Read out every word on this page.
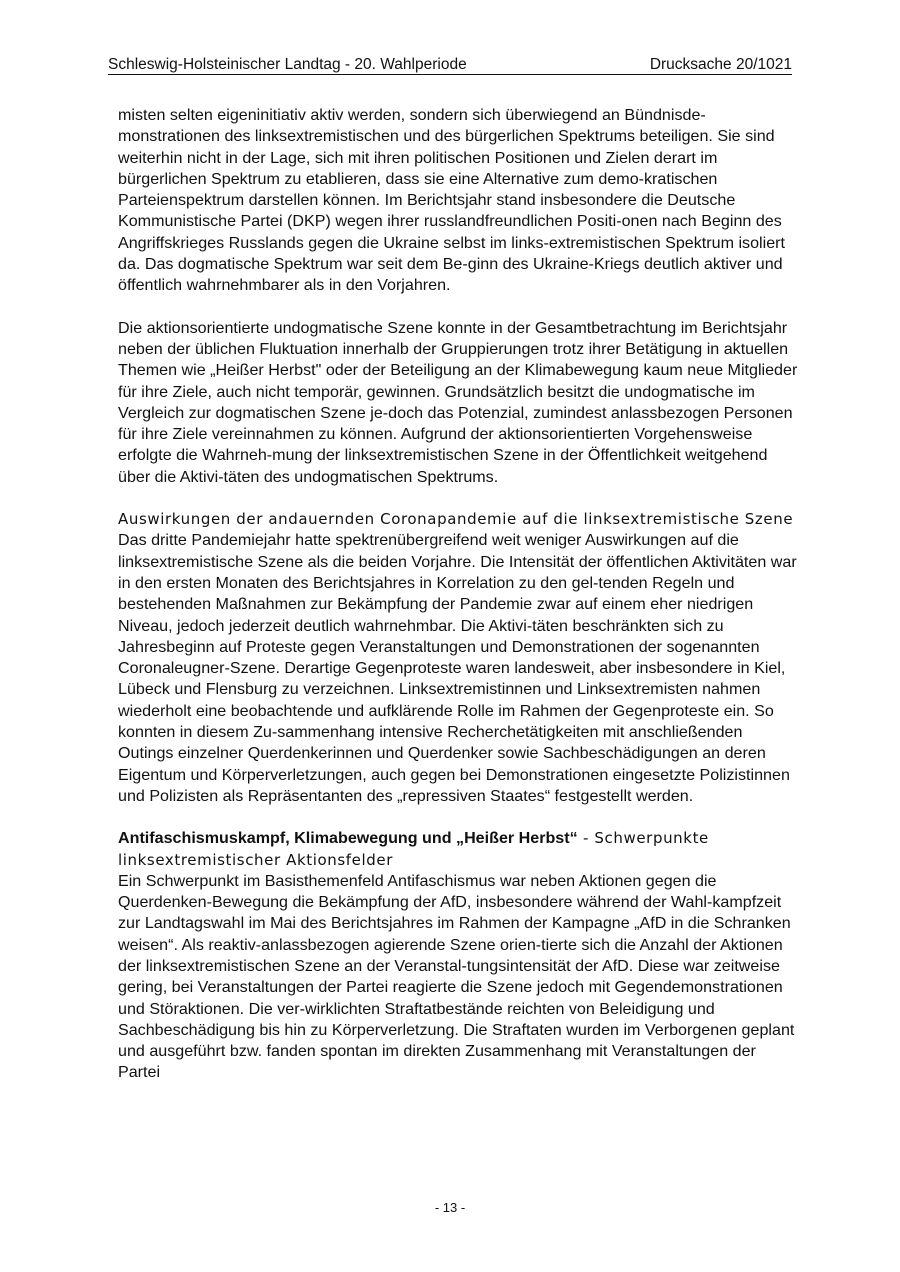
Schleswig-Holsteinischer Landtag - 20. Wahlperiode	Drucksache 20/1021

misten selten eigeninitiativ aktiv werden, sondern sich überwiegend an Bündnisde-monstrationen des linksextremistischen und des bürgerlichen Spektrums beteiligen. Sie sind weiterhin nicht in der Lage, sich mit ihren politischen Positionen und Zielen derart im bürgerlichen Spektrum zu etablieren, dass sie eine Alternative zum demo-kratischen Parteienspektrum darstellen können. Im Berichtsjahr stand insbesondere die Deutsche Kommunistische Partei (DKP) wegen ihrer russlandfreundlichen Positi-onen nach Beginn des Angriffskrieges Russlands gegen die Ukraine selbst im links-extremistischen Spektrum isoliert da. Das dogmatische Spektrum war seit dem Be-ginn des Ukraine-Kriegs deutlich aktiver und öffentlich wahrnehmbarer als in den Vorjahren.

Die aktionsorientierte undogmatische Szene konnte in der Gesamtbetrachtung im Berichtsjahr neben der üblichen Fluktuation innerhalb der Gruppierungen trotz ihrer Betätigung in aktuellen Themen wie „Heißer Herbst" oder der Beteiligung an der Klimabewegung kaum neue Mitglieder für ihre Ziele, auch nicht temporär, gewinnen. Grundsätzlich besitzt die undogmatische im Vergleich zur dogmatischen Szene je-doch das Potenzial, zumindest anlassbezogen Personen für ihre Ziele vereinnahmen zu können. Aufgrund der aktionsorientierten Vorgehensweise erfolgte die Wahrneh-mung der linksextremistischen Szene in der Öffentlichkeit weitgehend über die Aktivi-täten des undogmatischen Spektrums.

Auswirkungen der andauernden Coronapandemie auf die linksextremistische Szene

Das dritte Pandemiejahr hatte spektrenübergreifend weit weniger Auswirkungen auf die linksextremistische Szene als die beiden Vorjahre. Die Intensität der öffentlichen Aktivitäten war in den ersten Monaten des Berichtsjahres in Korrelation zu den gel-tenden Regeln und bestehenden Maßnahmen zur Bekämpfung der Pandemie zwar auf einem eher niedrigen Niveau, jedoch jederzeit deutlich wahrnehmbar. Die Aktivi-täten beschränkten sich zu Jahresbeginn auf Proteste gegen Veranstaltungen und Demonstrationen der sogenannten Coronaleugner-Szene. Derartige Gegenproteste waren landesweit, aber insbesondere in Kiel, Lübeck und Flensburg zu verzeichnen. Linksextremistinnen und Linksextremisten nahmen wiederholt eine beobachtende und aufklärende Rolle im Rahmen der Gegenproteste ein. So konnten in diesem Zu-sammenhang intensive Recherchetätigkeiten mit anschließenden Outings einzelner Querdenkerinnen und Querdenker sowie Sachbeschädigungen an deren Eigentum und Körperverletzungen, auch gegen bei Demonstrationen eingesetzte Polizistinnen und Polizisten als Repräsentanten des „repressiven Staates“ festgestellt werden.

Antifaschismuskampf, Klimabewegung und „Heißer Herbst“ - Schwerpunkte linksextremistischer Aktionsfelder

Ein Schwerpunkt im Basisthemenfeld Antifaschismus war neben Aktionen gegen die Querdenken-Bewegung die Bekämpfung der AfD, insbesondere während der Wahl-kampfzeit zur Landtagswahl im Mai des Berichtsjahres im Rahmen der Kampagne „AfD in die Schranken weisen“. Als reaktiv-anlassbezogen agierende Szene orien-tierte sich die Anzahl der Aktionen der linksextremistischen Szene an der Veranstal-tungsintensität der AfD. Diese war zeitweise gering, bei Veranstaltungen der Partei reagierte die Szene jedoch mit Gegendemonstrationen und Störaktionen. Die ver-wirklichten Straftatbestände reichten von Beleidigung und Sachbeschädigung bis hin zu Körperverletzung. Die Straftaten wurden im Verborgenen geplant und ausgeführt bzw. fanden spontan im direkten Zusammenhang mit Veranstaltungen der Partei

- 13 -
